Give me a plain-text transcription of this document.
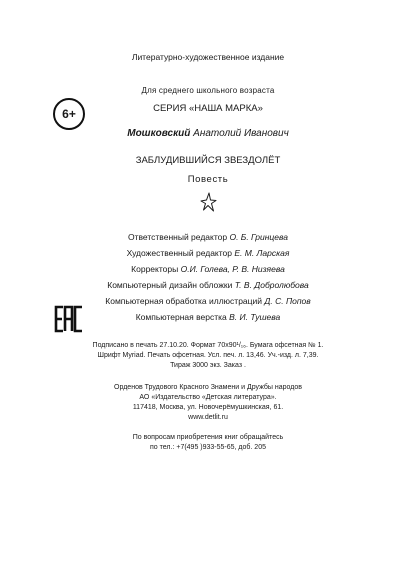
Литературно-художественное издание
Для среднего школьного возраста
СЕРИЯ «НАША МАРКА»
6+
Мошковский Анатолий Иванович
ЗАБЛУДИВШИЙСЯ ЗВЕЗДОЛЁТ
Повесть
Ответственный редактор О. Б. Гринцева
Художественный редактор Е. М. Ларская
Корректоры О.И. Голева, Р. В. Низяева
Компьютерный дизайн обложки Т. В. Добролюбова
Компьютерная обработка иллюстраций Д. С. Попов
Компьютерная верстка В. И. Тушева
Подписано в печать 27.10.20. Формат 70x90¹/₁₆. Бумага офсетная № 1.
Шрифт Myriad. Печать офсетная. Усл. печ. л. 13,46. Уч.-изд. л. 7,39.
Тираж 3000 экз. Заказ .
Орденов Трудового Красного Знамени и Дружбы народов
АО «Издательство «Детская литература».
117418, Москва, ул. Новочерёмушкинская, 61.
www.detlit.ru
По вопросам приобретения книг обращайтесь
по тел.: +7(495 )933-55-65, доб. 205
